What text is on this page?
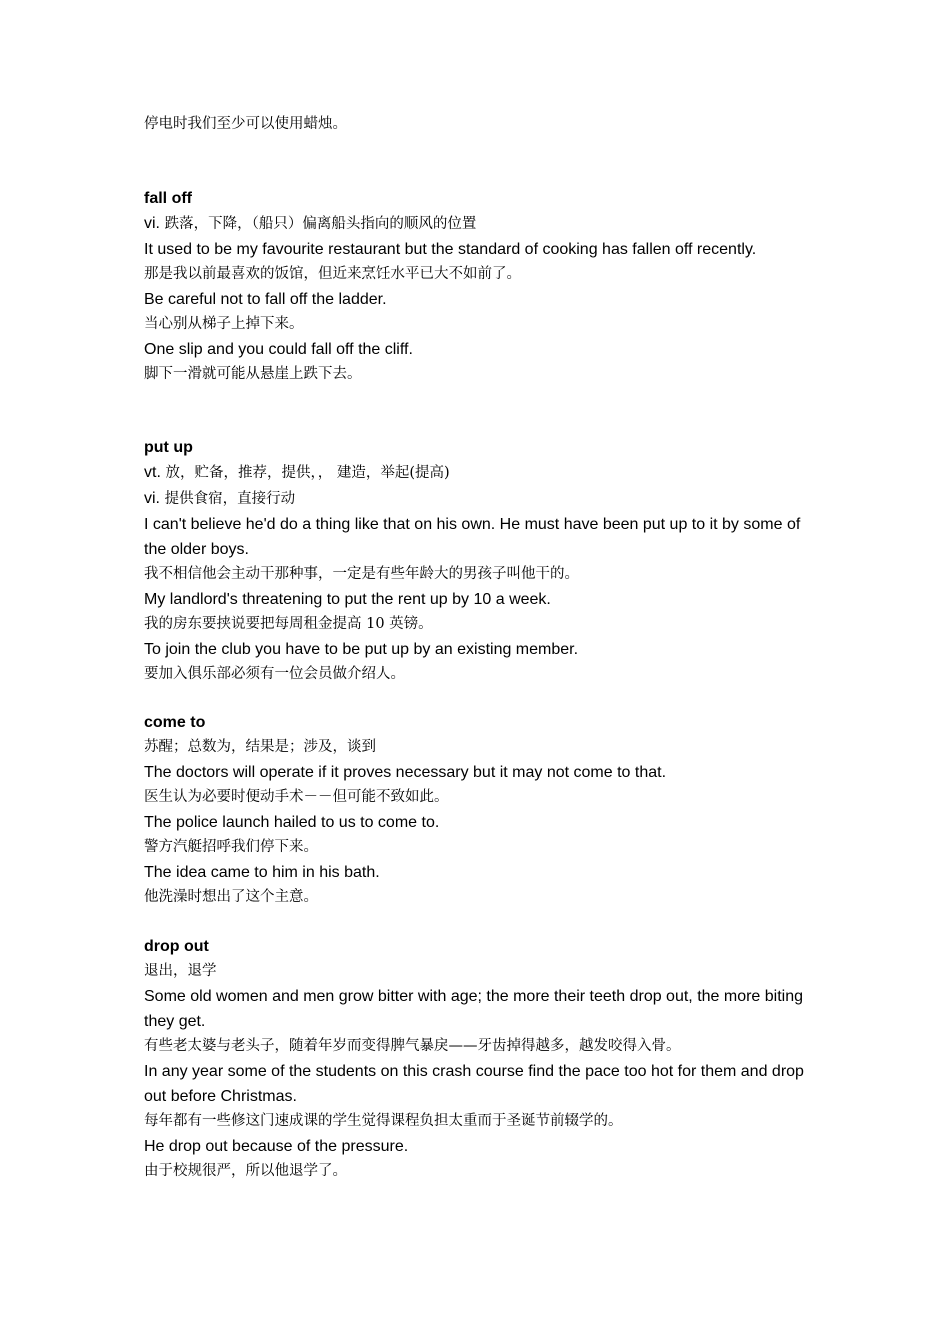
停电时我们至少可以使用蜡烛。
fall off
vi. 跌落，下降，（船只）偏离船头指向的顺风的位置
It used to be my favourite restaurant but the standard of cooking has fallen off recently.
那是我以前最喜欢的饭馆，但近来烹饪水平已大不如前了。
Be careful not to fall off the ladder.
当心别从梯子上掉下来。
One slip and you could fall off the cliff.
脚下一滑就可能从悬崖上跌下去。
put up
vt. 放，贮备，推荐，提供，， 建造，举起(提高)
vi. 提供食宿，直接行动
I can't believe he'd do a thing like that on his own. He must have been put up to it by some of the older boys.
我不相信他会主动干那种事，一定是有些年龄大的男孩子叫他干的。
My landlord's threatening to put the rent up by 10 a week.
我的房东要挟说要把每周租金提高 10 英镑。
To join the club you have to be put up by an existing member.
要加入俱乐部必须有一位会员做介绍人。
come to
苏醒；总数为，结果是；涉及，谈到
The doctors will operate if it proves necessary but it may not come to that.
医生认为必要时便动手术－－但可能不致如此。
The police launch hailed to us to come to.
警方汽艇招呼我们停下来。
The idea came to him in his bath.
他洗澡时想出了这个主意。
drop out
退出，退学
Some old women and men grow bitter with age; the more their teeth drop out, the more biting they get.
有些老太婆与老头子，随着年岁而变得脾气暴戾——牙齿掉得越多，越发咬得入骨。
In any year some of the students on this crash course find the pace too hot for them and drop out before Christmas.
每年都有一些修这门速成课的学生觉得课程负担太重而于圣诞节前辍学的。
He drop out because of the pressure.
由于校规很严，所以他退学了。
